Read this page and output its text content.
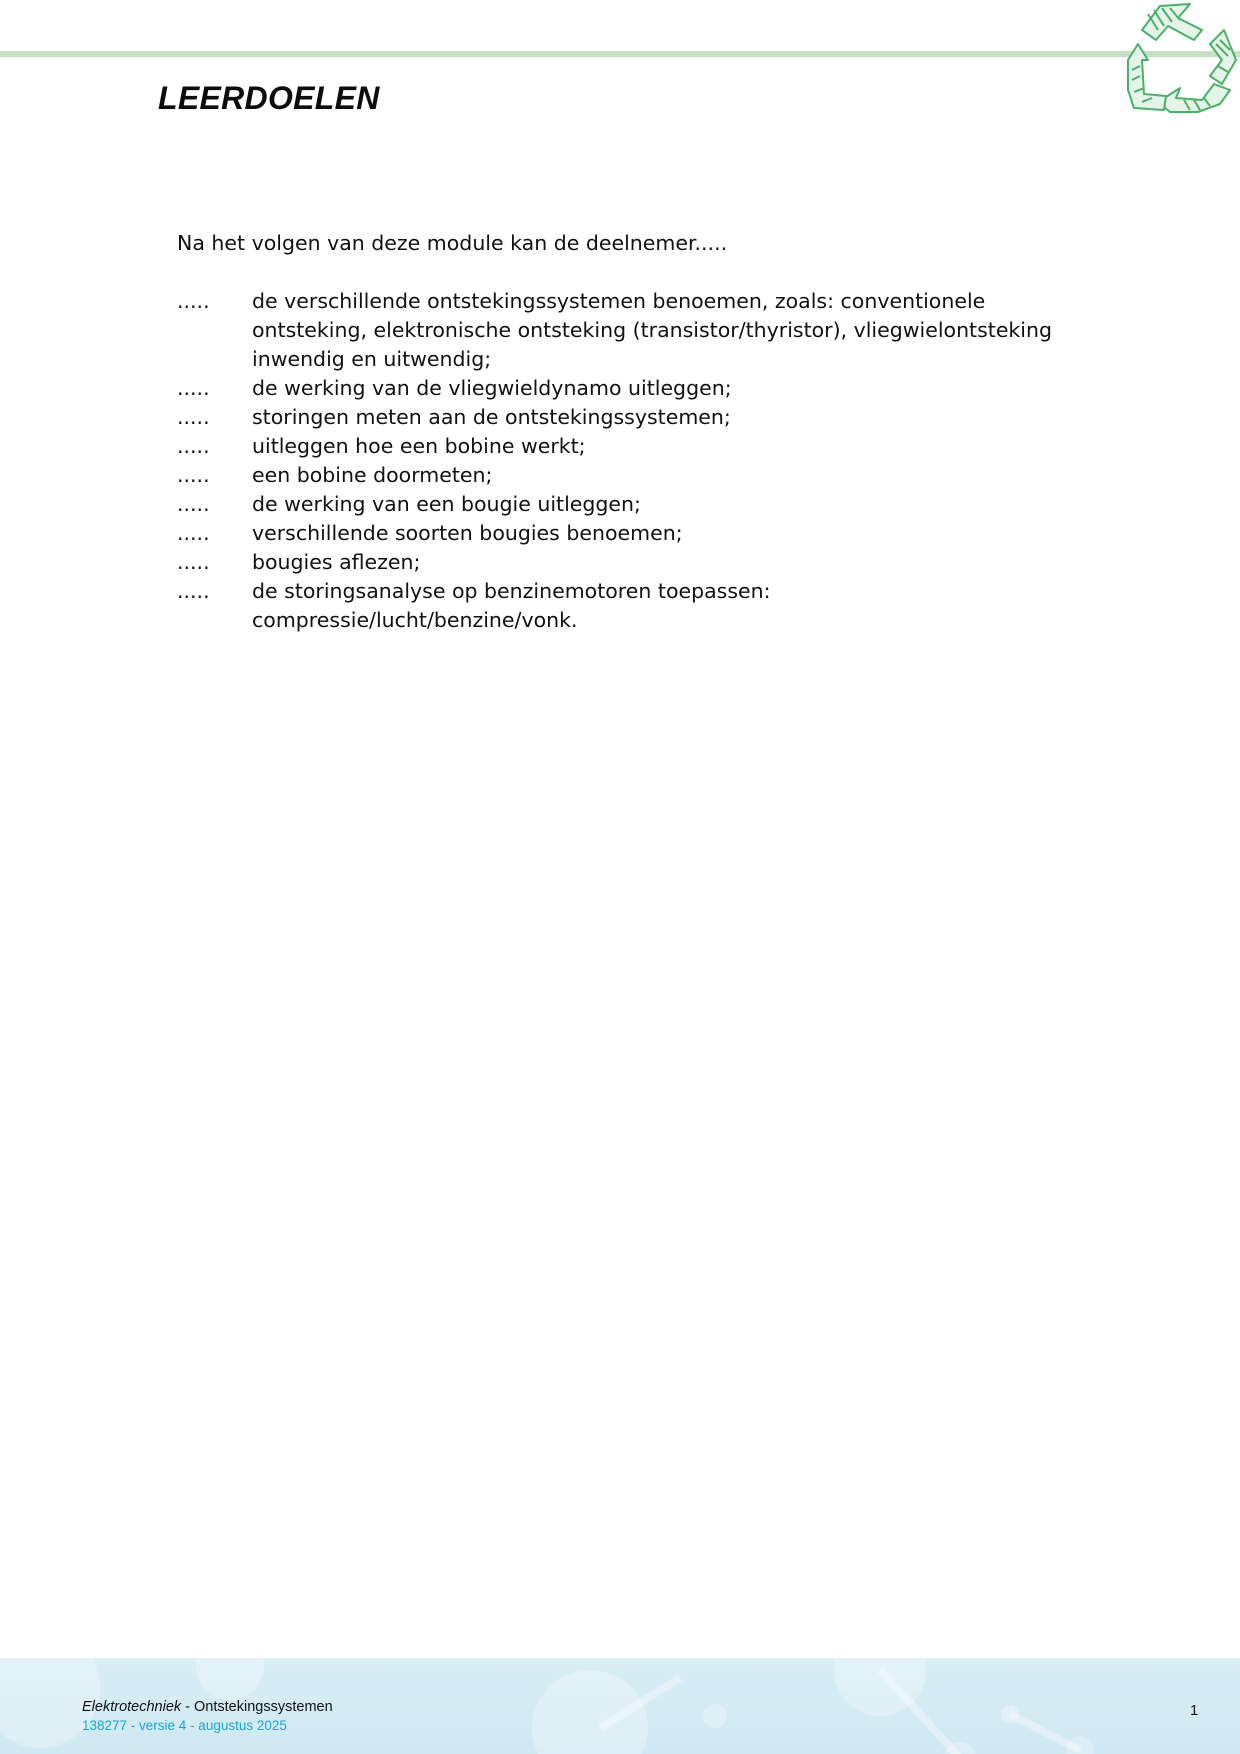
LEERDOELEN

Na het volgen van deze module kan de deelnemer.....

.....	de verschillende ontstekingssystemen benoemen, zoals: conventionele ontsteking, elektronische ontsteking (transistor/thyristor), vliegwielontsteking inwendig en uitwendig;
.....	de werking van de vliegwieldynamo uitleggen;
.....	storingen meten aan de ontstekingssystemen;
.....	uitleggen hoe een bobine werkt;
.....	een bobine doormeten;
.....	de werking van een bougie uitleggen;
.....	verschillende soorten bougies benoemen;
.....	bougies aflezen;
.....	de storingsanalyse op benzinemotoren toepassen: compressie/lucht/benzine/vonk.
Elektrotechniek - Ontstekingssystemen
138277 - versie 4 - augustus 2025
1
